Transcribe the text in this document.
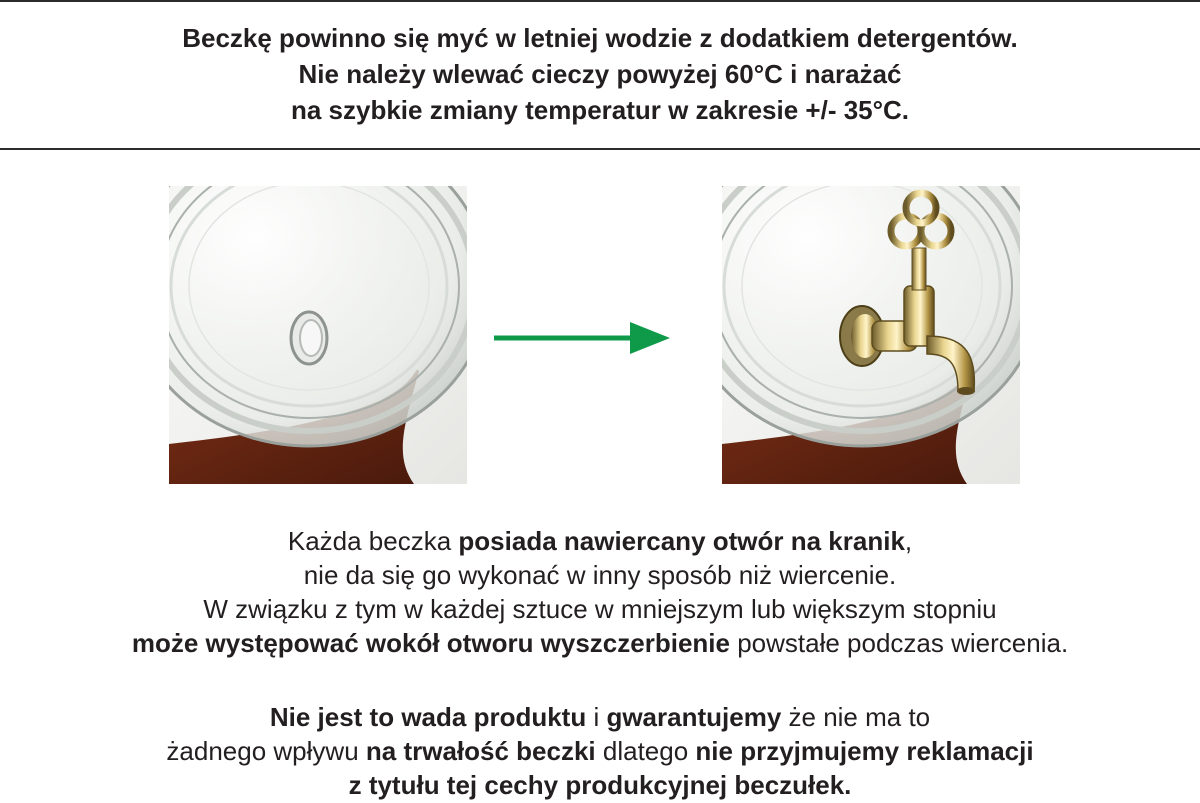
Beczkę powinno się myć w letniej wodzie z dodatkiem detergentów.
Nie należy wlewać cieczy powyżej 60°C i narażać
na szybkie zmiany temperatur w zakresie +/- 35°C.
Każda beczka posiada nawiercany otwór na kranik,
nie da się go wykonać w inny sposób niż wiercenie.
W związku z tym w każdej sztuce w mniejszym lub większym stopniu
może występować wokół otworu wyszczerbienie powstałe podczas wiercenia.
Nie jest to wada produktu i gwarantujemy że nie ma to
żadnego wpływu na trwałość beczki dlatego nie przyjmujemy reklamacji
z tytułu tej cechy produkcyjnej beczułek.
